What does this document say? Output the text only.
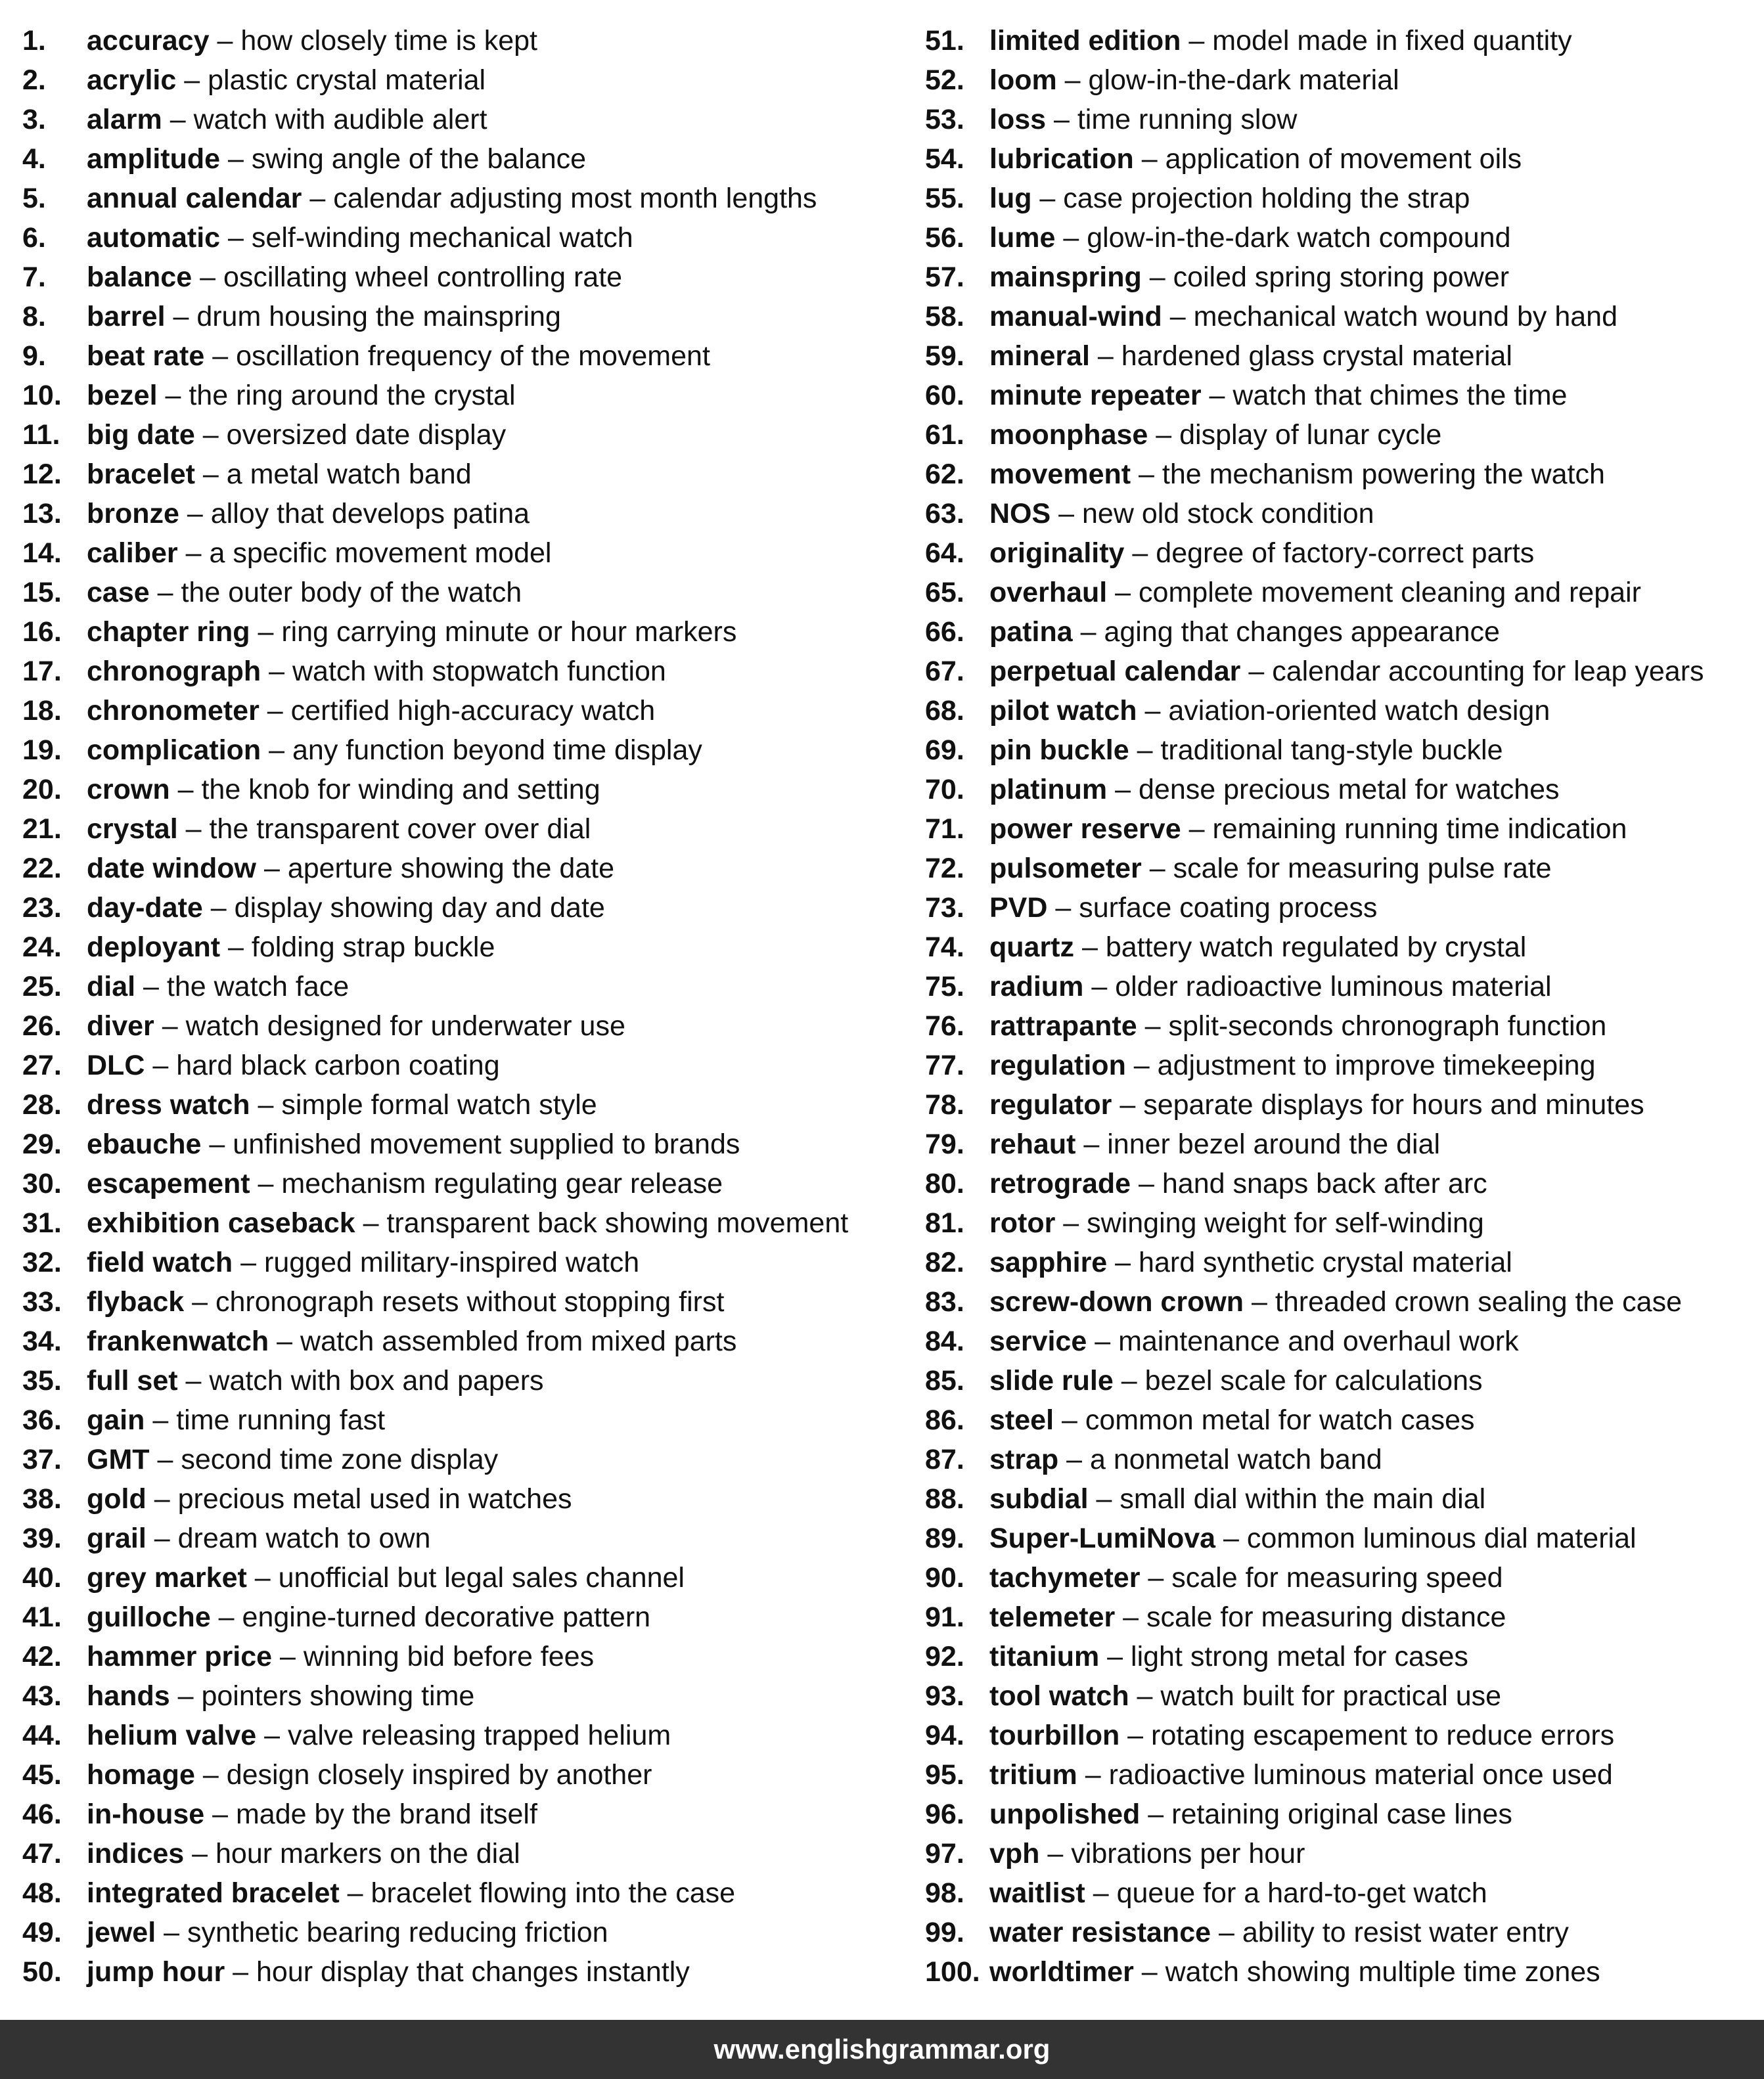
1. accuracy – how closely time is kept
2. acrylic – plastic crystal material
3. alarm – watch with audible alert
4. amplitude – swing angle of the balance
5. annual calendar – calendar adjusting most month lengths
6. automatic – self-winding mechanical watch
7. balance – oscillating wheel controlling rate
8. barrel – drum housing the mainspring
9. beat rate – oscillation frequency of the movement
10. bezel – the ring around the crystal
11. big date – oversized date display
12. bracelet – a metal watch band
13. bronze – alloy that develops patina
14. caliber – a specific movement model
15. case – the outer body of the watch
16. chapter ring – ring carrying minute or hour markers
17. chronograph – watch with stopwatch function
18. chronometer – certified high-accuracy watch
19. complication – any function beyond time display
20. crown – the knob for winding and setting
21. crystal – the transparent cover over dial
22. date window – aperture showing the date
23. day-date – display showing day and date
24. deployant – folding strap buckle
25. dial – the watch face
26. diver – watch designed for underwater use
27. DLC – hard black carbon coating
28. dress watch – simple formal watch style
29. ebauche – unfinished movement supplied to brands
30. escapement – mechanism regulating gear release
31. exhibition caseback – transparent back showing movement
32. field watch – rugged military-inspired watch
33. flyback – chronograph resets without stopping first
34. frankenwatch – watch assembled from mixed parts
35. full set – watch with box and papers
36. gain – time running fast
37. GMT – second time zone display
38. gold – precious metal used in watches
39. grail – dream watch to own
40. grey market – unofficial but legal sales channel
41. guilloche – engine-turned decorative pattern
42. hammer price – winning bid before fees
43. hands – pointers showing time
44. helium valve – valve releasing trapped helium
45. homage – design closely inspired by another
46. in-house – made by the brand itself
47. indices – hour markers on the dial
48. integrated bracelet – bracelet flowing into the case
49. jewel – synthetic bearing reducing friction
50. jump hour – hour display that changes instantly
51. limited edition – model made in fixed quantity
52. loom – glow-in-the-dark material
53. loss – time running slow
54. lubrication – application of movement oils
55. lug – case projection holding the strap
56. lume – glow-in-the-dark watch compound
57. mainspring – coiled spring storing power
58. manual-wind – mechanical watch wound by hand
59. mineral – hardened glass crystal material
60. minute repeater – watch that chimes the time
61. moonphase – display of lunar cycle
62. movement – the mechanism powering the watch
63. NOS – new old stock condition
64. originality – degree of factory-correct parts
65. overhaul – complete movement cleaning and repair
66. patina – aging that changes appearance
67. perpetual calendar – calendar accounting for leap years
68. pilot watch – aviation-oriented watch design
69. pin buckle – traditional tang-style buckle
70. platinum – dense precious metal for watches
71. power reserve – remaining running time indication
72. pulsometer – scale for measuring pulse rate
73. PVD – surface coating process
74. quartz – battery watch regulated by crystal
75. radium – older radioactive luminous material
76. rattrapante – split-seconds chronograph function
77. regulation – adjustment to improve timekeeping
78. regulator – separate displays for hours and minutes
79. rehaut – inner bezel around the dial
80. retrograde – hand snaps back after arc
81. rotor – swinging weight for self-winding
82. sapphire – hard synthetic crystal material
83. screw-down crown – threaded crown sealing the case
84. service – maintenance and overhaul work
85. slide rule – bezel scale for calculations
86. steel – common metal for watch cases
87. strap – a nonmetal watch band
88. subdial – small dial within the main dial
89. Super-LumiNova – common luminous dial material
90. tachymeter – scale for measuring speed
91. telemeter – scale for measuring distance
92. titanium – light strong metal for cases
93. tool watch – watch built for practical use
94. tourbillon – rotating escapement to reduce errors
95. tritium – radioactive luminous material once used
96. unpolished – retaining original case lines
97. vph – vibrations per hour
98. waitlist – queue for a hard-to-get watch
99. water resistance – ability to resist water entry
100. worldtimer – watch showing multiple time zones
www.englishgrammar.org
